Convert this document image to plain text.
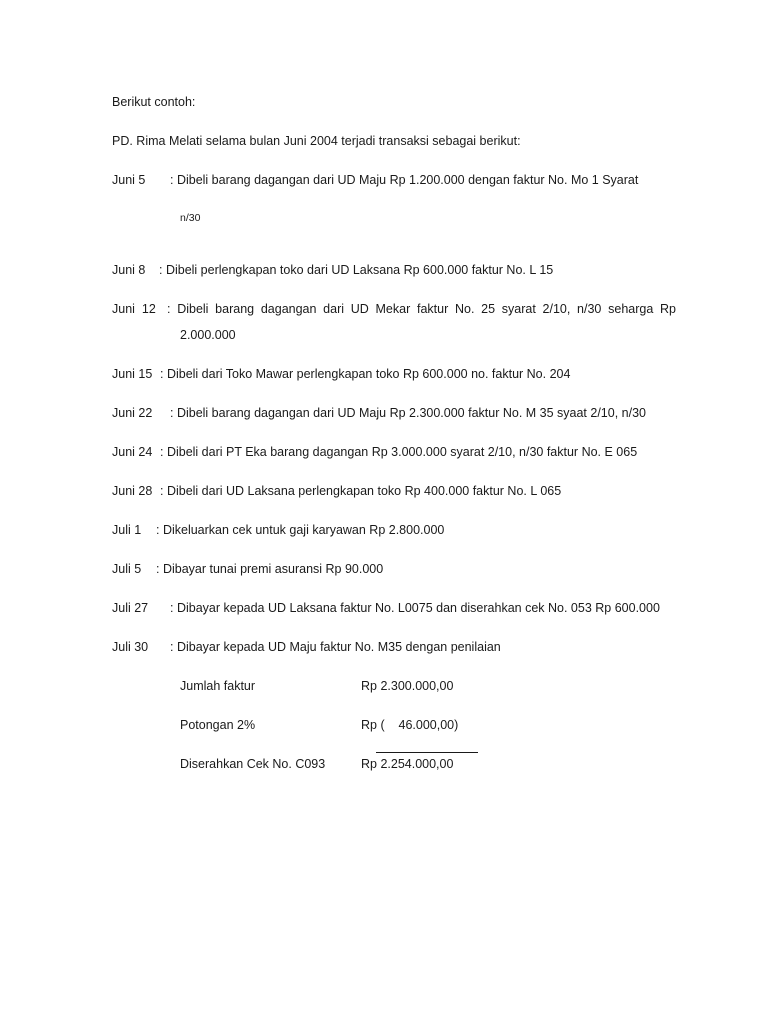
Berikut contoh:
PD. Rima Melati selama bulan Juni 2004 terjadi transaksi sebagai berikut:
Juni 5 : Dibeli barang dagangan dari UD Maju Rp 1.200.000 dengan faktur No. Mo 1 Syarat
n/30
Juni 8 : Dibeli perlengkapan toko dari UD Laksana Rp 600.000 faktur No. L 15
Juni  12 : Dibeli barang dagangan dari UD Mekar faktur No. 25 syarat 2/10, n/30 seharga Rp
2.000.000
Juni 15 : Dibeli dari Toko Mawar perlengkapan toko Rp 600.000 no. faktur No. 204
Juni 22 : Dibeli barang dagangan dari UD Maju Rp 2.300.000 faktur No. M 35 syaat 2/10, n/30
Juni 24 : Dibeli dari PT Eka barang dagangan Rp 3.000.000 syarat 2/10, n/30 faktur No. E 065
Juni 28 : Dibeli dari UD Laksana perlengkapan toko Rp 400.000 faktur No. L 065
Juli 1 : Dikeluarkan cek untuk gaji karyawan Rp 2.800.000
Juli 5 : Dibayar tunai premi asuransi Rp 90.000
Juli 27 : Dibayar kepada UD Laksana faktur No. L0075 dan diserahkan cek No. 053 Rp 600.000
Juli 30 : Dibayar kepada UD Maju faktur No. M35 dengan penilaian
Jumlah faktur	Rp 2.300.000,00
Potongan 2%	Rp (    46.000,00)
Diserahkan Cek No. C093	Rp 2.254.000,00
